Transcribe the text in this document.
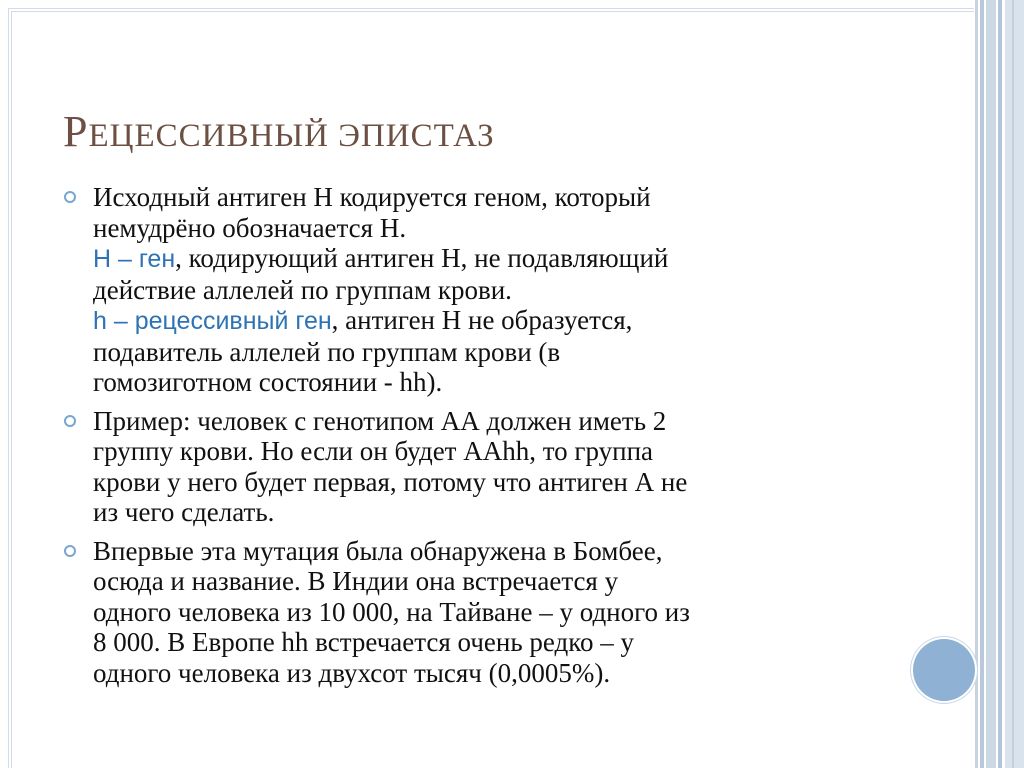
РЕЦЕССИВНЫЙ ЭПИСТАЗ
Исходный антиген Н кодируется геном, который
немудрёно обозначается Н.
Н – ген, кодирующий антиген Н, не подавляющий
действие аллелей по группам крови.
h – рецессивный ген, антиген Н не образуется,
подавитель аллелей по группам крови (в
гомозиготном состоянии - hh).
Пример: человек с генотипом АА должен иметь 2
группу крови. Но если он будет ААhh, то группа
крови у него будет первая, потому что антиген А не
из чего сделать.
Впервые эта мутация была обнаружена в Бомбее,
осюда и название. В Индии она встречается у
одного человека из 10 000, на Тайване – у одного из
8 000. В Европе hh встречается очень редко – у
одного человека из двухсот тысяч (0,0005%).
